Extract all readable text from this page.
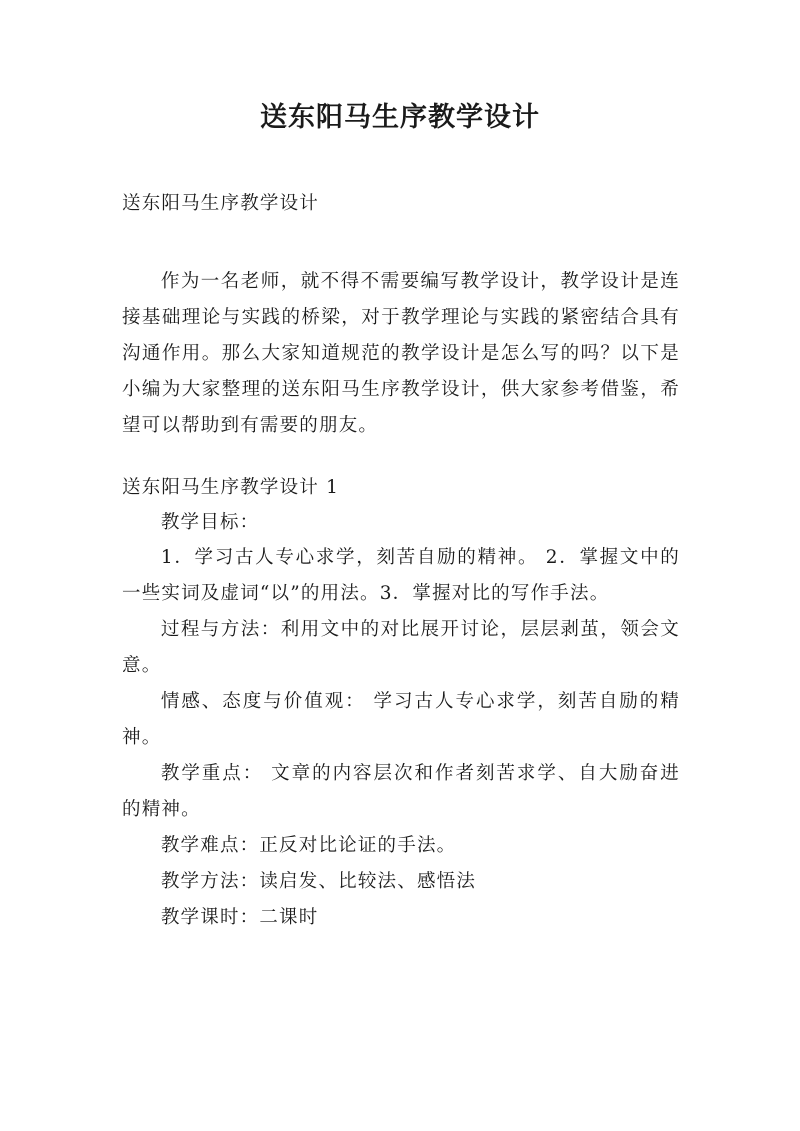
送东阳马生序教学设计

送东阳马生序教学设计

作为一名老师，就不得不需要编写教学设计，教学设计是连接基础理论与实践的桥梁，对于教学理论与实践的紧密结合具有沟通作用。那么大家知道规范的教学设计是怎么写的吗？以下是小编为大家整理的送东阳马生序教学设计，供大家参考借鉴，希望可以帮助到有需要的朋友。

送东阳马生序教学设计 1

教学目标：

1．学习古人专心求学，刻苦自励的精神。 2．掌握文中的一些实词及虚词“以”的用法。3．掌握对比的写作手法。

过程与方法：利用文中的对比展开讨论，层层剥茧，领会文意。

情感、态度与价值观： 学习古人专心求学，刻苦自励的精神。

教学重点： 文章的内容层次和作者刻苦求学、自大励奋进的精神。

教学难点：正反对比论证的手法。

教学方法：读启发、比较法、感悟法

教学课时：二课时
